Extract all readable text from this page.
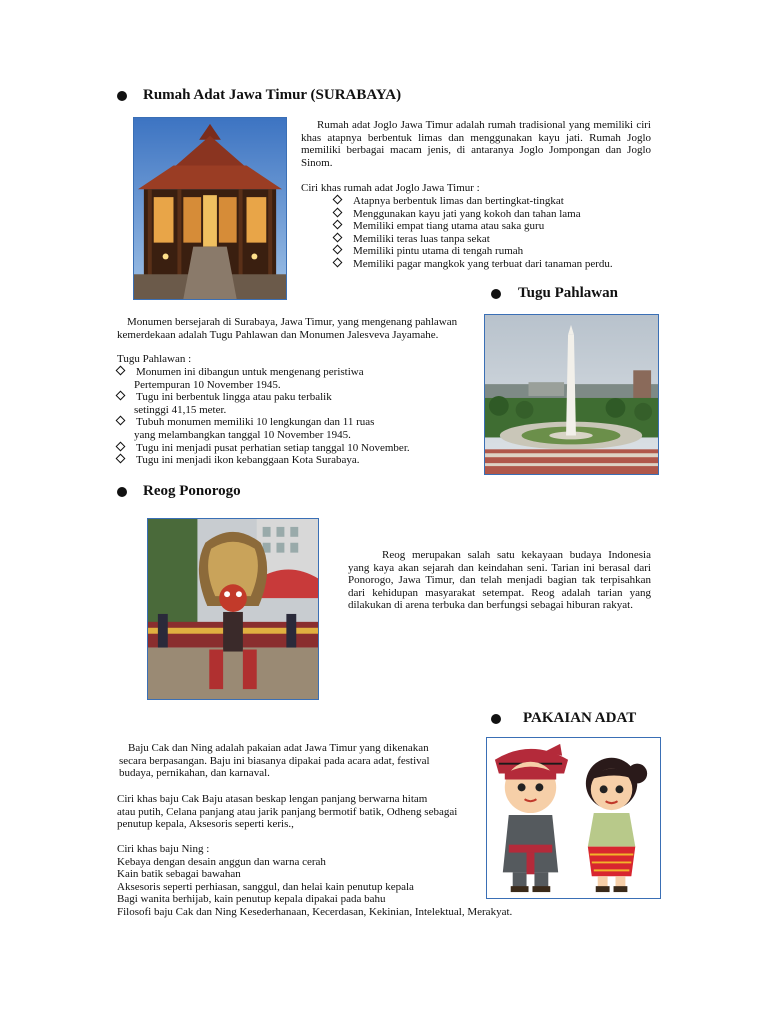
Rumah Adat Jawa Timur (SURABAYA)
Rumah adat Joglo Jawa Timur adalah rumah tradisional yang memiliki ciri khas atapnya berbentuk limas dan menggunakan kayu jati. Rumah Joglo memiliki berbagai macam jenis, di antaranya Joglo Jompongan dan Joglo Sinom.
Ciri khas rumah adat Joglo Jawa Timur :
Atapnya berbentuk limas dan bertingkat-tingkat
Menggunakan kayu jati yang kokoh dan tahan lama
Memiliki empat tiang utama atau saka guru
Memiliki teras luas tanpa sekat
Memiliki pintu utama di tengah rumah
Memiliki pagar mangkok yang terbuat dari tanaman perdu.
Tugu Pahlawan
Monumen bersejarah di Surabaya, Jawa Timur, yang mengenang pahlawan kemerdekaan adalah Tugu Pahlawan dan Monumen Jalesveva Jayamahe.
Tugu Pahlawan :
Monumen ini dibangun untuk mengenang peristiwa
Pertempuran 10 November 1945.
Tugu ini berbentuk lingga atau paku terbalik
setinggi 41,15 meter.
Tubuh monumen memiliki 10 lengkungan dan 11 ruas
yang melambangkan tanggal 10 November 1945.
Tugu ini menjadi pusat perhatian setiap tanggal 10 November.
Tugu ini menjadi ikon kebanggaan Kota Surabaya.
Reog Ponorogo
Reog merupakan salah satu kekayaan budaya Indonesia yang kaya akan sejarah dan keindahan seni. Tarian ini berasal dari Ponorogo, Jawa Timur, dan telah menjadi bagian tak terpisahkan dari kehidupan masyarakat setempat. Reog adalah tarian yang dilakukan di arena terbuka dan berfungsi sebagai hiburan rakyat.
PAKAIAN ADAT
Baju Cak dan Ning adalah pakaian adat Jawa Timur yang dikenakan
secara berpasangan. Baju ini biasanya dipakai pada acara adat, festival
budaya, pernikahan, dan karnaval.
Ciri khas baju Cak Baju atasan beskap lengan panjang berwarna hitam
atau putih, Celana panjang atau jarik panjang bermotif batik, Odheng sebagai
penutup kepala, Aksesoris seperti keris.,
Ciri khas baju Ning :
Kebaya dengan desain anggun dan warna cerah
Kain batik sebagai bawahan
Aksesoris seperti perhiasan, sanggul, dan helai kain penutup kepala
Bagi wanita berhijab, kain penutup kepala dipakai pada bahu
Filosofi baju Cak dan Ning Kesederhanaan, Kecerdasan, Kekinian, Intelektual, Merakyat.
